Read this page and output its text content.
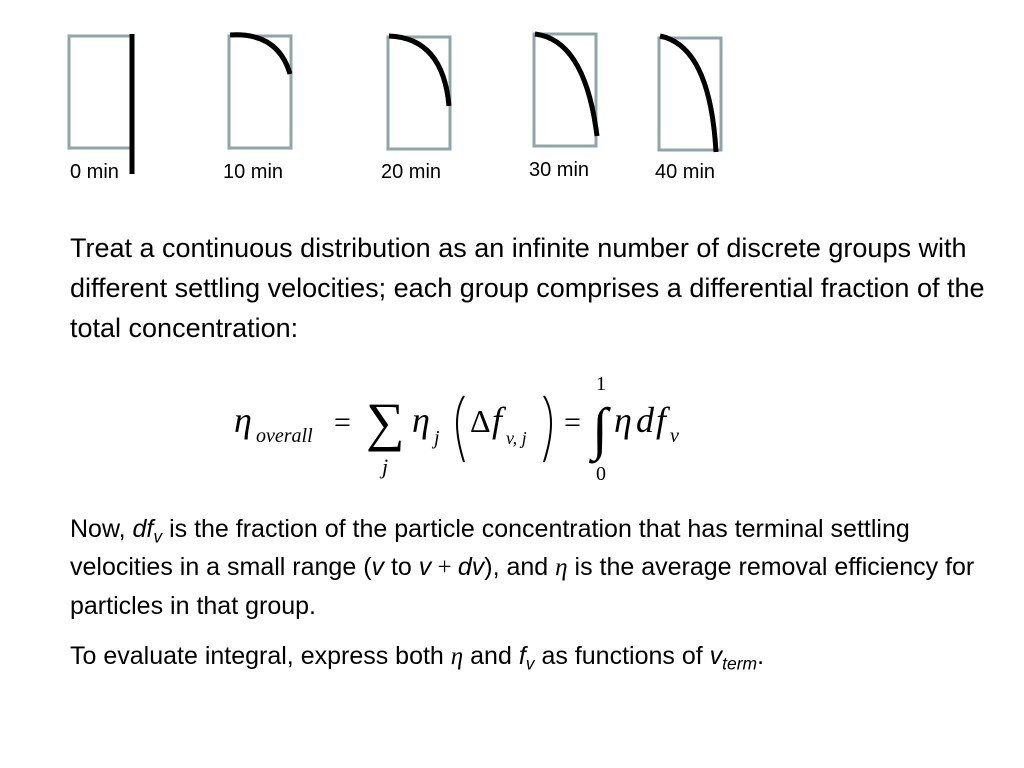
0 min	10 min	20 min	30 min	40 min

Treat a continuous distribution as an infinite number of discrete groups with different settling velocities; each group comprises a differential fraction of the total concentration:

η overall = ∑
j
η j Δ f v, j = ∫
1
0
η d f v

Now, $df_v$ is the fraction of the particle concentration that has terminal settling velocities in a small range (v to v + dv), and η is the average removal efficiency for particles in that group.

To evaluate integral, express both η and $f_v$ as functions of $v_{term}$.
